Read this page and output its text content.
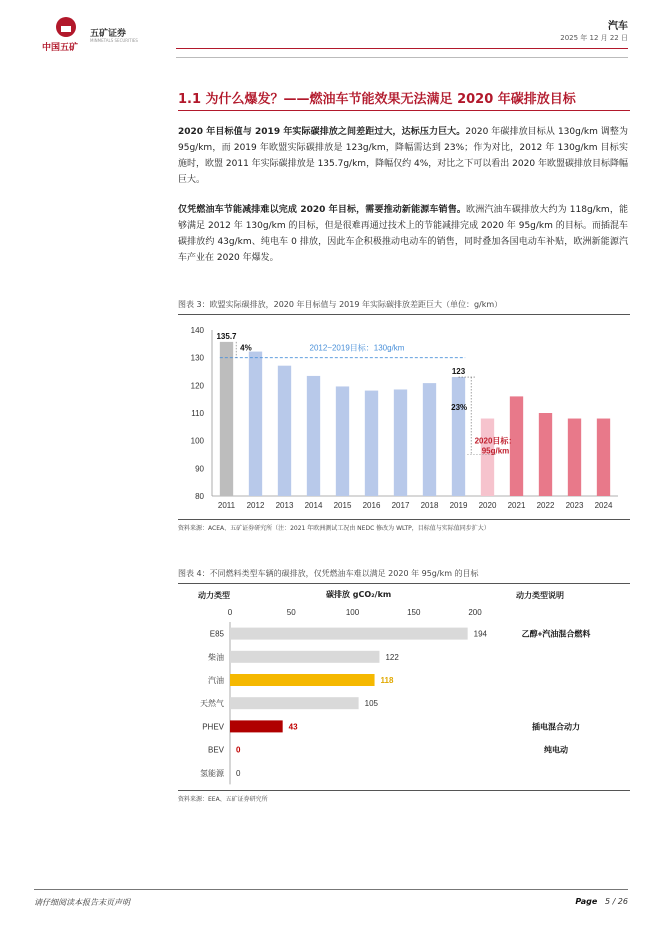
中国五矿
五矿证券
MINMETALS SECURITIES
汽车
2025 年 12 月 22 日
1.1 为什么爆发？——燃油车节能效果无法满足 2020 年碳排放目标
2020 年目标值与 2019 年实际碳排放之间差距过大，达标压力巨大。2020 年碳排放目标从 130g/km 调整为 95g/km，而 2019 年欧盟实际碳排放是 123g/km，降幅需达到 23%；作为对比，2012 年 130g/km 目标实施时，欧盟 2011 年实际碳排放是 135.7g/km，降幅仅约 4%，对比之下可以看出 2020 年欧盟碳排放目标降幅巨大。
仅凭燃油车节能减排难以完成 2020 年目标，需要推动新能源车销售。欧洲汽油车碳排放大约为 118g/km，能够满足 2012 年 130g/km 的目标，但是很难再通过技术上的节能减排完成 2020 年 95g/km 的目标。而插混车碳排放约 43g/km、纯电车 0 排放，因此车企积极推动电动车的销售，同时叠加各国电动车补贴，欧洲新能源汽车产业在 2020 年爆发。
图表 3：欧盟实际碳排放，2020 年目标值与 2019 年实际碳排放差距巨大（单位：g/km）
80
90
100
110
120
130
140
2011 2012 2013 2014 2015 2016 2017 2018 2019 2020 2021 2022 2023 2024
135.7
123
2012~2019目标：130g/km
4%
23%
2020目标：
95g/km
资料来源：ACEA、五矿证券研究所（注：2021 年欧洲测试工况由 NEDC 修改为 WLTP，目标值与实际值同步扩大）
图表 4：不同燃料类型车辆的碳排放，仅凭燃油车难以满足 2020 年 95g/km 的目标
动力类型	碳排放 gCO₂/km	动力类型说明
0	50	100	150	200
E85	194	乙醇+汽油混合燃料
柴油	122
汽油	118
天然气	105
PHEV	43	插电混合动力
BEV 0	纯电动
氢能源 0
资料来源：EEA、五矿证券研究所
请仔细阅读本报告末页声明	Page 5 / 26
